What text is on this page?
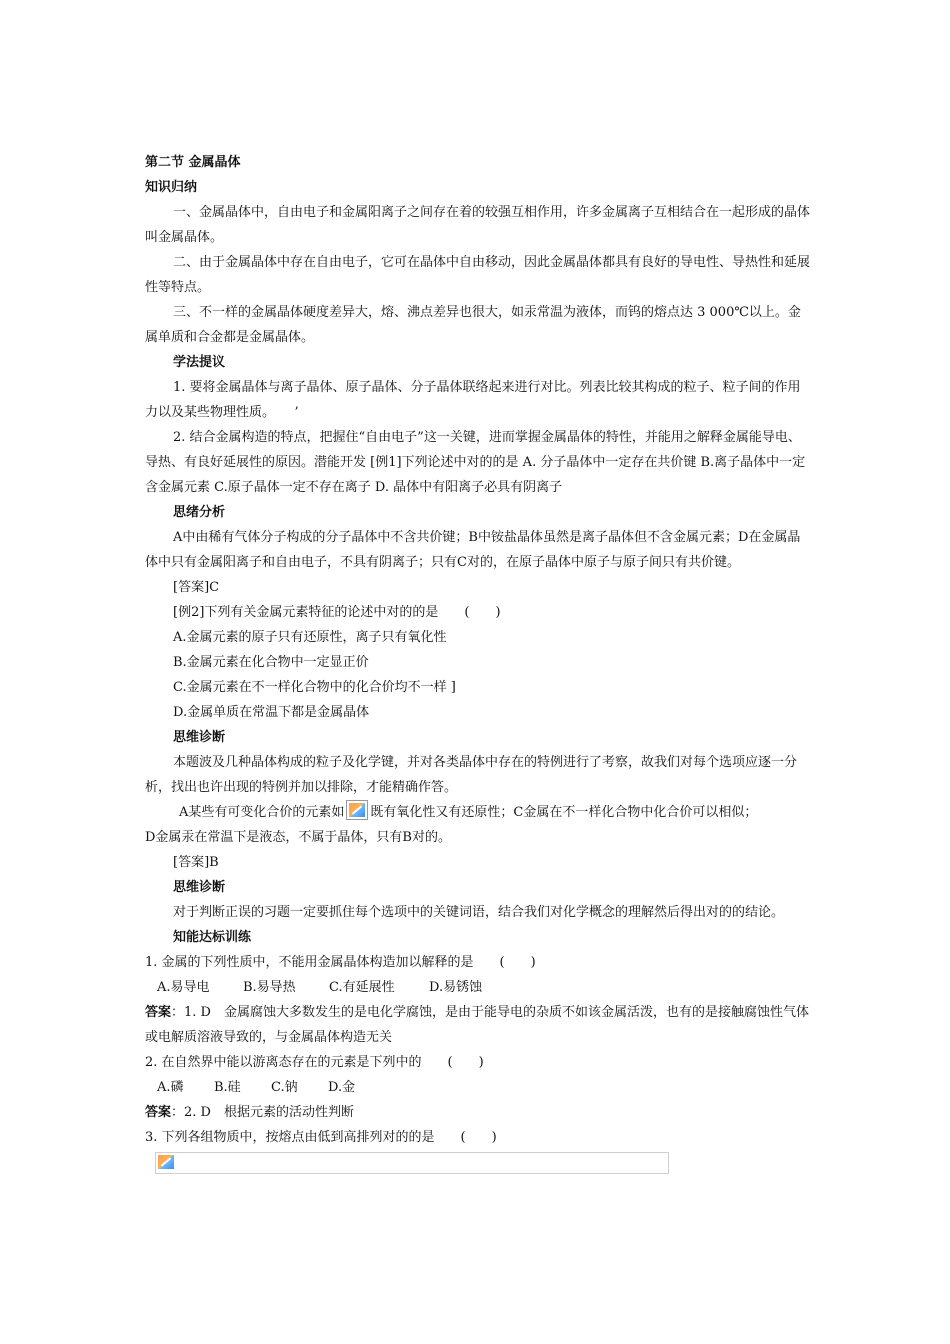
第二节 金属晶体
知识归纳
一、金属晶体中，自由电子和金属阳离子之间存在着的较强互相作用，许多金属离子互相结合在一起形成的晶体叫金属晶体。
二、由于金属晶体中存在自由电子，它可在晶体中自由移动，因此金属晶体都具有良好的导电性、导热性和延展性等特点。
三、不一样的金属晶体硬度差异大，熔、沸点差异也很大，如汞常温为液体，而钨的熔点达 3 000℃以上。金属单质和合金都是金属晶体。
学法提议
1. 要将金属晶体与离子晶体、原子晶体、分子晶体联络起来进行对比。列表比较其构成的粒子、粒子间的作用力以及某些物理性质。　　’
2. 结合金属构造的特点，把握住“自由电子”这一关键，进而掌握金属晶体的特性，并能用之解释金属能导电、导热、有良好延展性的原因。潜能开发 [例1]下列论述中对的的是 A. 分子晶体中一定存在共价键 B.离子晶体中一定含金属元素 C.原子晶体一定不存在离子 D. 晶体中有阳离子必具有阴离子
思绪分析
A中由稀有气体分子构成的分子晶体中不含共价键；B中铵盐晶体虽然是离子晶体但不含金属元素；D在金属晶体中只有金属阳离子和自由电子，不具有阴离子；只有C对的，在原子晶体中原子与原子间只有共价键。
[答案]C
[例2]下列有关金属元素特征的论述中对的的是　　(　　)
A.金属元素的原子只有还原性，离子只有氧化性
B.金属元素在化合物中一定显正价
C.金属元素在不一样化合物中的化合价均不一样 ]
D.金属单质在常温下都是金属晶体
思维诊断
本题波及几种晶体构成的粒子及化学键，并对各类晶体中存在的特例进行了考察，故我们对每个选项应逐一分析，找出也许出现的特例并加以排除，才能精确作答。
A某些有可变化合价的元素如 既有氧化性又有还原性；C金属在不一样化合物中化合价可以相似；
D金属汞在常温下是液态，不属于晶体，只有B对的。
[答案]B
思维诊断
对于判断正误的习题一定要抓住每个选项中的关键词语，结合我们对化学概念的理解然后得出对的的结论。
知能达标训练
1. 金属的下列性质中，不能用金属晶体构造加以解释的是　　(　　)
A.易导电	B.易导热	C.有延展性	D.易锈蚀
答案：1. D　金属腐蚀大多数发生的是电化学腐蚀，是由于能导电的杂质不如该金属活泼，也有的是接触腐蚀性气体或电解质溶液导致的，与金属晶体构造无关
2. 在自然界中能以游离态存在的元素是下列中的　　(　　)
A.磷 B.硅 C.钠 D.金
答案：2. D　根据元素的活动性判断
3. 下列各组物质中，按熔点由低到高排列对的的是　　(　　)
